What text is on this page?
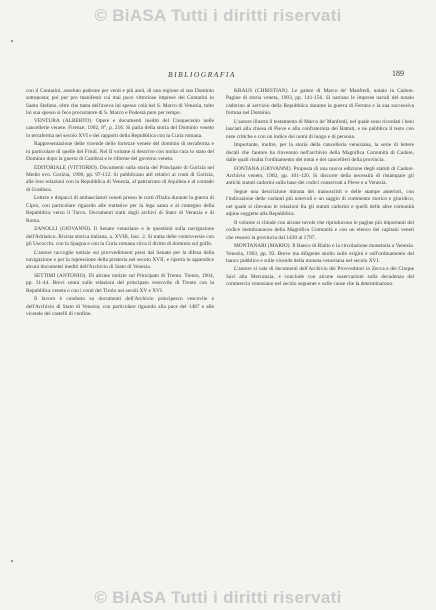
© BiASA Tutti i diritti riservati
BIBLIOGRAFIA	189

con il Contarini, assoluto padrone per venti e più anni, di una regione al suo Dominio sottoposta; poi pur pro manifestò cui mai poco vittoriose imprese del Contarini in Santo Stefano, oltre che tanta dell'aveva lui spesso colà nel S. Marco di Venezia, tolto lui sua spesso si fece procuratore di S. Marco e Podestà pure per tempo.

VENTURA (ALBERTO). Opere e documenti inediti del Cinquecento nelle cancellerie venete. Firenze, 1902, 8°, p. 216. Si parla della storia del Dominio veneto in terraferma nel secolo XVI e dei rapporti della Repubblica con la Curia romana.

Rappresentazione delle vicende delle fortezze venete del dominio di terraferma e in particolare di quelle del Friuli. Nel II volume si descrive con molta cura lo stato del Dominio dopo la guerra di Cambrai e le riforme del governo veneto.

EDITORIALE (VITTORIO). Documenti sulla storia del Principato di Gorizia nel Medio evo. Gorizia, 1900, pp. 97-112. Si pubblicano atti relativi ai conti di Gorizia, alle loro relazioni con la Repubblica di Venezia, al patriarcato di Aquileia e al contado di Gradisca.

Lettere e dispacci di ambasciatori veneti presso le corti d'Italia durante la guerra di Cipro, con particolare riguardo alle trattative per la lega santa e al contegno della Repubblica verso il Turco. Documenti tratti dagli archivi di Stato di Venezia e di Roma.

ZANOLLI (GIOVANNI). Il Senato veneziano e le questioni sulla navigazione dell'Adriatico. Rivista storica italiana, a. XVIII, fasc. 2. Si tratta delle controversie con gli Uscocchi, con la Spagna e con la Curia romana circa il diritto di dominio sul golfo.

L'autore raccoglie notizie sui provvedimenti presi dal Senato per la difesa della navigazione e per la repressione della pirateria nel secolo XVII, e riporta in appendice alcuni documenti inediti dell'Archivio di Stato di Venezia.

SETTIMI (ANTONIO). Di alcune notizie sul Principato di Trento. Trento, 1904, pp. 31-44. Brevi cenni sulle relazioni del principato vescovile di Trento con la Repubblica veneta e con i conti del Tirolo nei secoli XV e XVI.

Il lavoro è condotto su documenti dell'Archivio principesco vescovile e dell'Archivio di Stato di Venezia, con particolare riguardo alla pace del 1487 e alle vicende dei castelli di confine.

KRAUS (CHRISTIAN). Le galere di Marco de' Manfredi, notaio in Cadore. Pagine di storia veneta, 1903, pp. 141-156. Si narrano le imprese navali del notaio cadorino al servizio della Repubblica durante la guerra di Ferrara e la sua successiva fortuna nel Dominio.

L'autore illustra il testamento di Marco de' Manfredi, nel quale sono ricordati i beni lasciati alla chiesa di Pieve e alla confraternita dei Battuti, e ne pubblica il testo con note critiche e con un indice dei nomi di luogo e di persona.

Importante, inoltre, per la storia della cancelleria veneziana, la serie di lettere ducali che l'autore ha rinvenuto nell'archivio della Magnifica Comunità di Cadore, dalle quali risulta l'ordinamento dei notai e dei cancellieri della provincia.

FONTANA (GIOVANNI). Proposta di una nuova edizione degli statuti di Cadore. Archivio veneto, 1902, pp. 101-120. Si discorre della necessità di ristampare gli antichi statuti cadorini sulla base dei codici conservati a Pieve e a Venezia.

Segue una descrizione minuta dei manoscritti e delle stampe anteriori, con l'indicazione delle varianti più notevoli e un saggio di commento storico e giuridico, nel quale si rilevano le relazioni fra gli statuti cadorini e quelli delle altre comunità alpine soggette alla Repubblica.

Il volume si chiude con alcune tavole che riproducono le pagine più importanti del codice membranaceo della Magnifica Comunità e con un elenco dei capitani veneti che ressero la provincia dal 1420 al 1797.

MONTANARI (MARIO). Il Banco di Rialto e la circolazione monetaria a Venezia. Venezia, 1903, pp. 92. Breve ma diligente studio sulle origini e sull'ordinamento del banco pubblico e sulle vicende della moneta veneziana nel secolo XVI.

L'autore si vale di documenti dell'Archivio dei Provveditori in Zecca e dei Cinque Savi alla Mercanzia, e conclude con alcune osservazioni sulla decadenza del commercio veneziano nel secolo seguente e sulle cause che la determinarono.

© BiASA Tutti i diritti riservati
